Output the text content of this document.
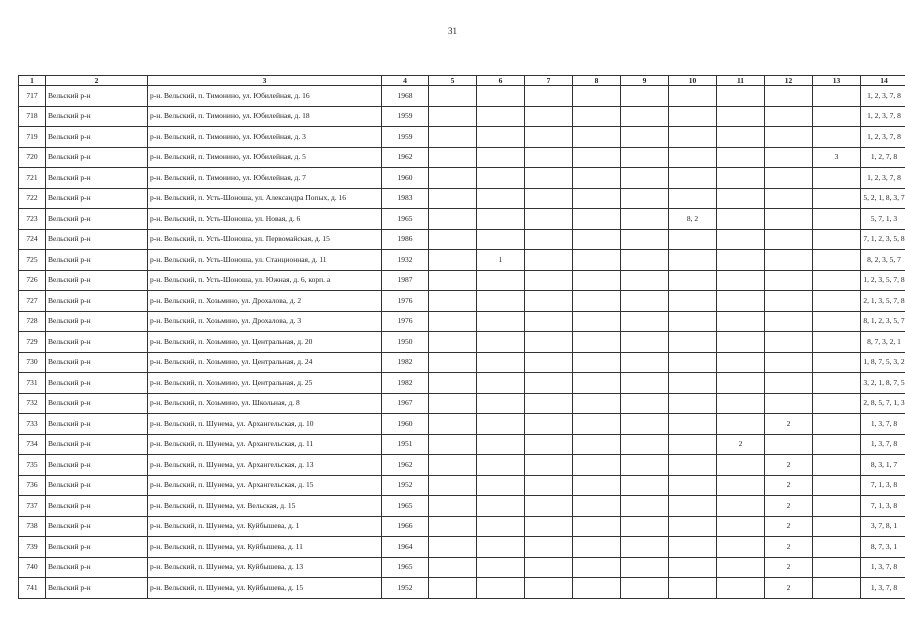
31
1	2	3	4	5	6	7	8	9	10	11	12	13	14
717	Вельский р-н	р-н. Вельский, п. Тимонино, ул. Юбилейная, д. 16	1968										1, 2, 3, 7, 8
718	Вельский р-н	р-н. Вельский, п. Тимонино, ул. Юбилейная, д. 18	1959										1, 2, 3, 7, 8
719	Вельский р-н	р-н. Вельский, п. Тимонино, ул. Юбилейная, д. 3	1959										1, 2, 3, 7, 8
720	Вельский р-н	р-н. Вельский, п. Тимонино, ул. Юбилейная, д. 5	1962									3	1, 2, 7, 8
721	Вельский р-н	р-н. Вельский, п. Тимонино, ул. Юбилейная, д. 7	1960										1, 2, 3, 7, 8
722	Вельский р-н	р-н. Вельский, п. Усть-Шоноша, ул. Александра Попых, д. 16	1983										5, 2, 1, 8, 3, 7
723	Вельский р-н	р-н. Вельский, п. Усть-Шоноша, ул. Новая, д. 6	1965						8, 2				5, 7, 1, 3
724	Вельский р-н	р-н. Вельский, п. Усть-Шоноша, ул. Первомайская, д. 15	1986										7, 1, 2, 3, 5, 8
725	Вельский р-н	р-н. Вельский, п. Усть-Шоноша, ул. Станционная, д. 11	1932		1								8, 2, 3, 5, 7
726	Вельский р-н	р-н. Вельский, п. Усть-Шоноша, ул. Южная, д. 6, корп. а	1987										1, 2, 3, 5, 7, 8
727	Вельский р-н	р-н. Вельский, п. Хозьмино, ул. Дрохалова, д. 2	1976										2, 1, 3, 5, 7, 8
728	Вельский р-н	р-н. Вельский, п. Хозьмино, ул. Дрохалова, д. 3	1976										8, 1, 2, 3, 5, 7
729	Вельский р-н	р-н. Вельский, п. Хозьмино, ул. Центральная, д. 20	1950										8, 7, 3, 2, 1
730	Вельский р-н	р-н. Вельский, п. Хозьмино, ул. Центральная, д. 24	1982										1, 8, 7, 5, 3, 2
731	Вельский р-н	р-н. Вельский, п. Хозьмино, ул. Центральная, д. 25	1982										3, 2, 1, 8, 7, 5
732	Вельский р-н	р-н. Вельский, п. Хозьмино, ул. Школьная, д. 8	1967										2, 8, 5, 7, 1, 3
733	Вельский р-н	р-н. Вельский, п. Шунема, ул. Архангельская, д. 10	1960								2		1, 3, 7, 8
734	Вельский р-н	р-н. Вельский, п. Шунема, ул. Архангельская, д. 11	1951							2			1, 3, 7, 8
735	Вельский р-н	р-н. Вельский, п. Шунема, ул. Архангельская, д. 13	1962								2		8, 3, 1, 7
736	Вельский р-н	р-н. Вельский, п. Шунема, ул. Архангельская, д. 15	1952								2		7, 1, 3, 8
737	Вельский р-н	р-н. Вельский, п. Шунема, ул. Вельская, д. 15	1965								2		7, 1, 3, 8
738	Вельский р-н	р-н. Вельский, п. Шунема, ул. Куйбышева, д. 1	1966								2		3, 7, 8, 1
739	Вельский р-н	р-н. Вельский, п. Шунема, ул. Куйбышева, д. 11	1964								2		8, 7, 3, 1
740	Вельский р-н	р-н. Вельский, п. Шунема, ул. Куйбышева, д. 13	1965								2		1, 3, 7, 8
741	Вельский р-н	р-н. Вельский, п. Шунема, ул. Куйбышева, д. 15	1952								2		1, 3, 7, 8
